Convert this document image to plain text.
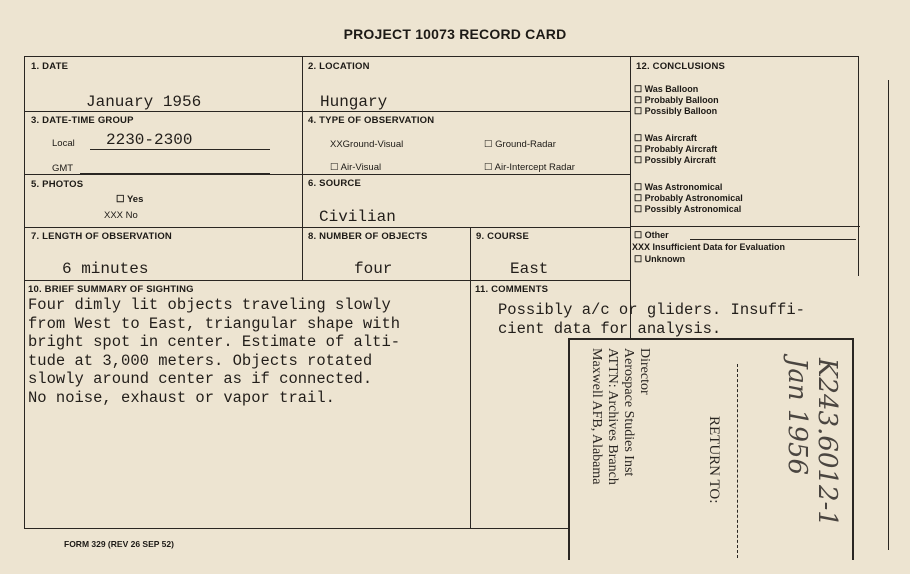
PROJECT 10073 RECORD CARD
1. DATE
January 1956
2. LOCATION
Hungary
3. DATE-TIME GROUP
Local 2230-2300
GMT
4. TYPE OF OBSERVATION
XXGround-Visual	☐ Ground-Radar
☐ Air-Visual	☐ Air-Intercept Radar
5. PHOTOS
☐ Yes
XXX No
6. SOURCE
Civilian
7. LENGTH OF OBSERVATION
6 minutes
8. NUMBER OF OBJECTS
four
9. COURSE
East
10. BRIEF SUMMARY OF SIGHTING
Four dimly lit objects traveling slowly
from West to East, triangular shape with
bright spot in center. Estimate of alti-
tude at 3,000 meters. Objects rotated
slowly around center as if connected.
No noise, exhaust or vapor trail.
11. COMMENTS
Possibly a/c or gliders. Insuffi-
cient data for analysis.
12. CONCLUSIONS
☐ Was Balloon
☐ Probably Balloon
☐ Possibly Balloon
☐ Was Aircraft
☐ Probably Aircraft
☐ Possibly Aircraft
☐ Was Astronomical
☐ Probably Astronomical
☐ Possibly Astronomical
☐ Other
XXX Insufficient Data for Evaluation
☐ Unknown
Director
Aerospace Studies Inst
ATTN: Archives Branch
Maxwell AFB, Alabama	RETURN TO:	K243.6012-1
Jan 1956
FORM 329 (REV 26 SEP 52)
